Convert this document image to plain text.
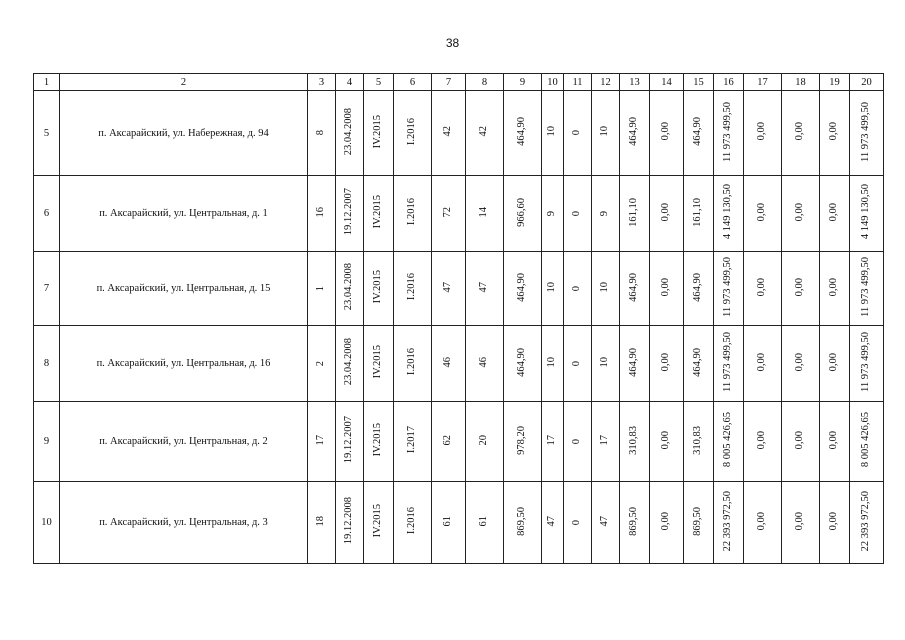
38
1	2	3	4	5	6	7	8	9	10	11	12	13	14	15	16	17	18	19	20
5	п. Аксарайский, ул. Набережная, д. 94	8	23.04.2008	IV.2015	I.2016	42	42	464,90	10	0	10	464,90	0,00	464,90	11 973 499,50	0,00	0,00	0,00	11 973 499,50
6	п. Аксарайский, ул. Центральная, д. 1	16	19.12.2007	IV.2015	I.2016	72	14	966,60	9	0	9	161,10	0,00	161,10	4 149 130,50	0,00	0,00	0,00	4 149 130,50
7	п. Аксарайский, ул. Центральная, д. 15	1	23.04.2008	IV.2015	I.2016	47	47	464,90	10	0	10	464,90	0,00	464,90	11 973 499,50	0,00	0,00	0,00	11 973 499,50
8	п. Аксарайский, ул. Центральная, д. 16	2	23.04.2008	IV.2015	I.2016	46	46	464,90	10	0	10	464,90	0,00	464,90	11 973 499,50	0,00	0,00	0,00	11 973 499,50
9	п. Аксарайский, ул. Центральная, д. 2	17	19.12.2007	IV.2015	I.2017	62	20	978,20	17	0	17	310,83	0,00	310,83	8 005 426,65	0,00	0,00	0,00	8 005 426,65
10	п. Аксарайский, ул. Центральная, д. 3	18	19.12.2008	IV.2015	I.2016	61	61	869,50	47	0	47	869,50	0,00	869,50	22 393 972,50	0,00	0,00	0,00	22 393 972,50
